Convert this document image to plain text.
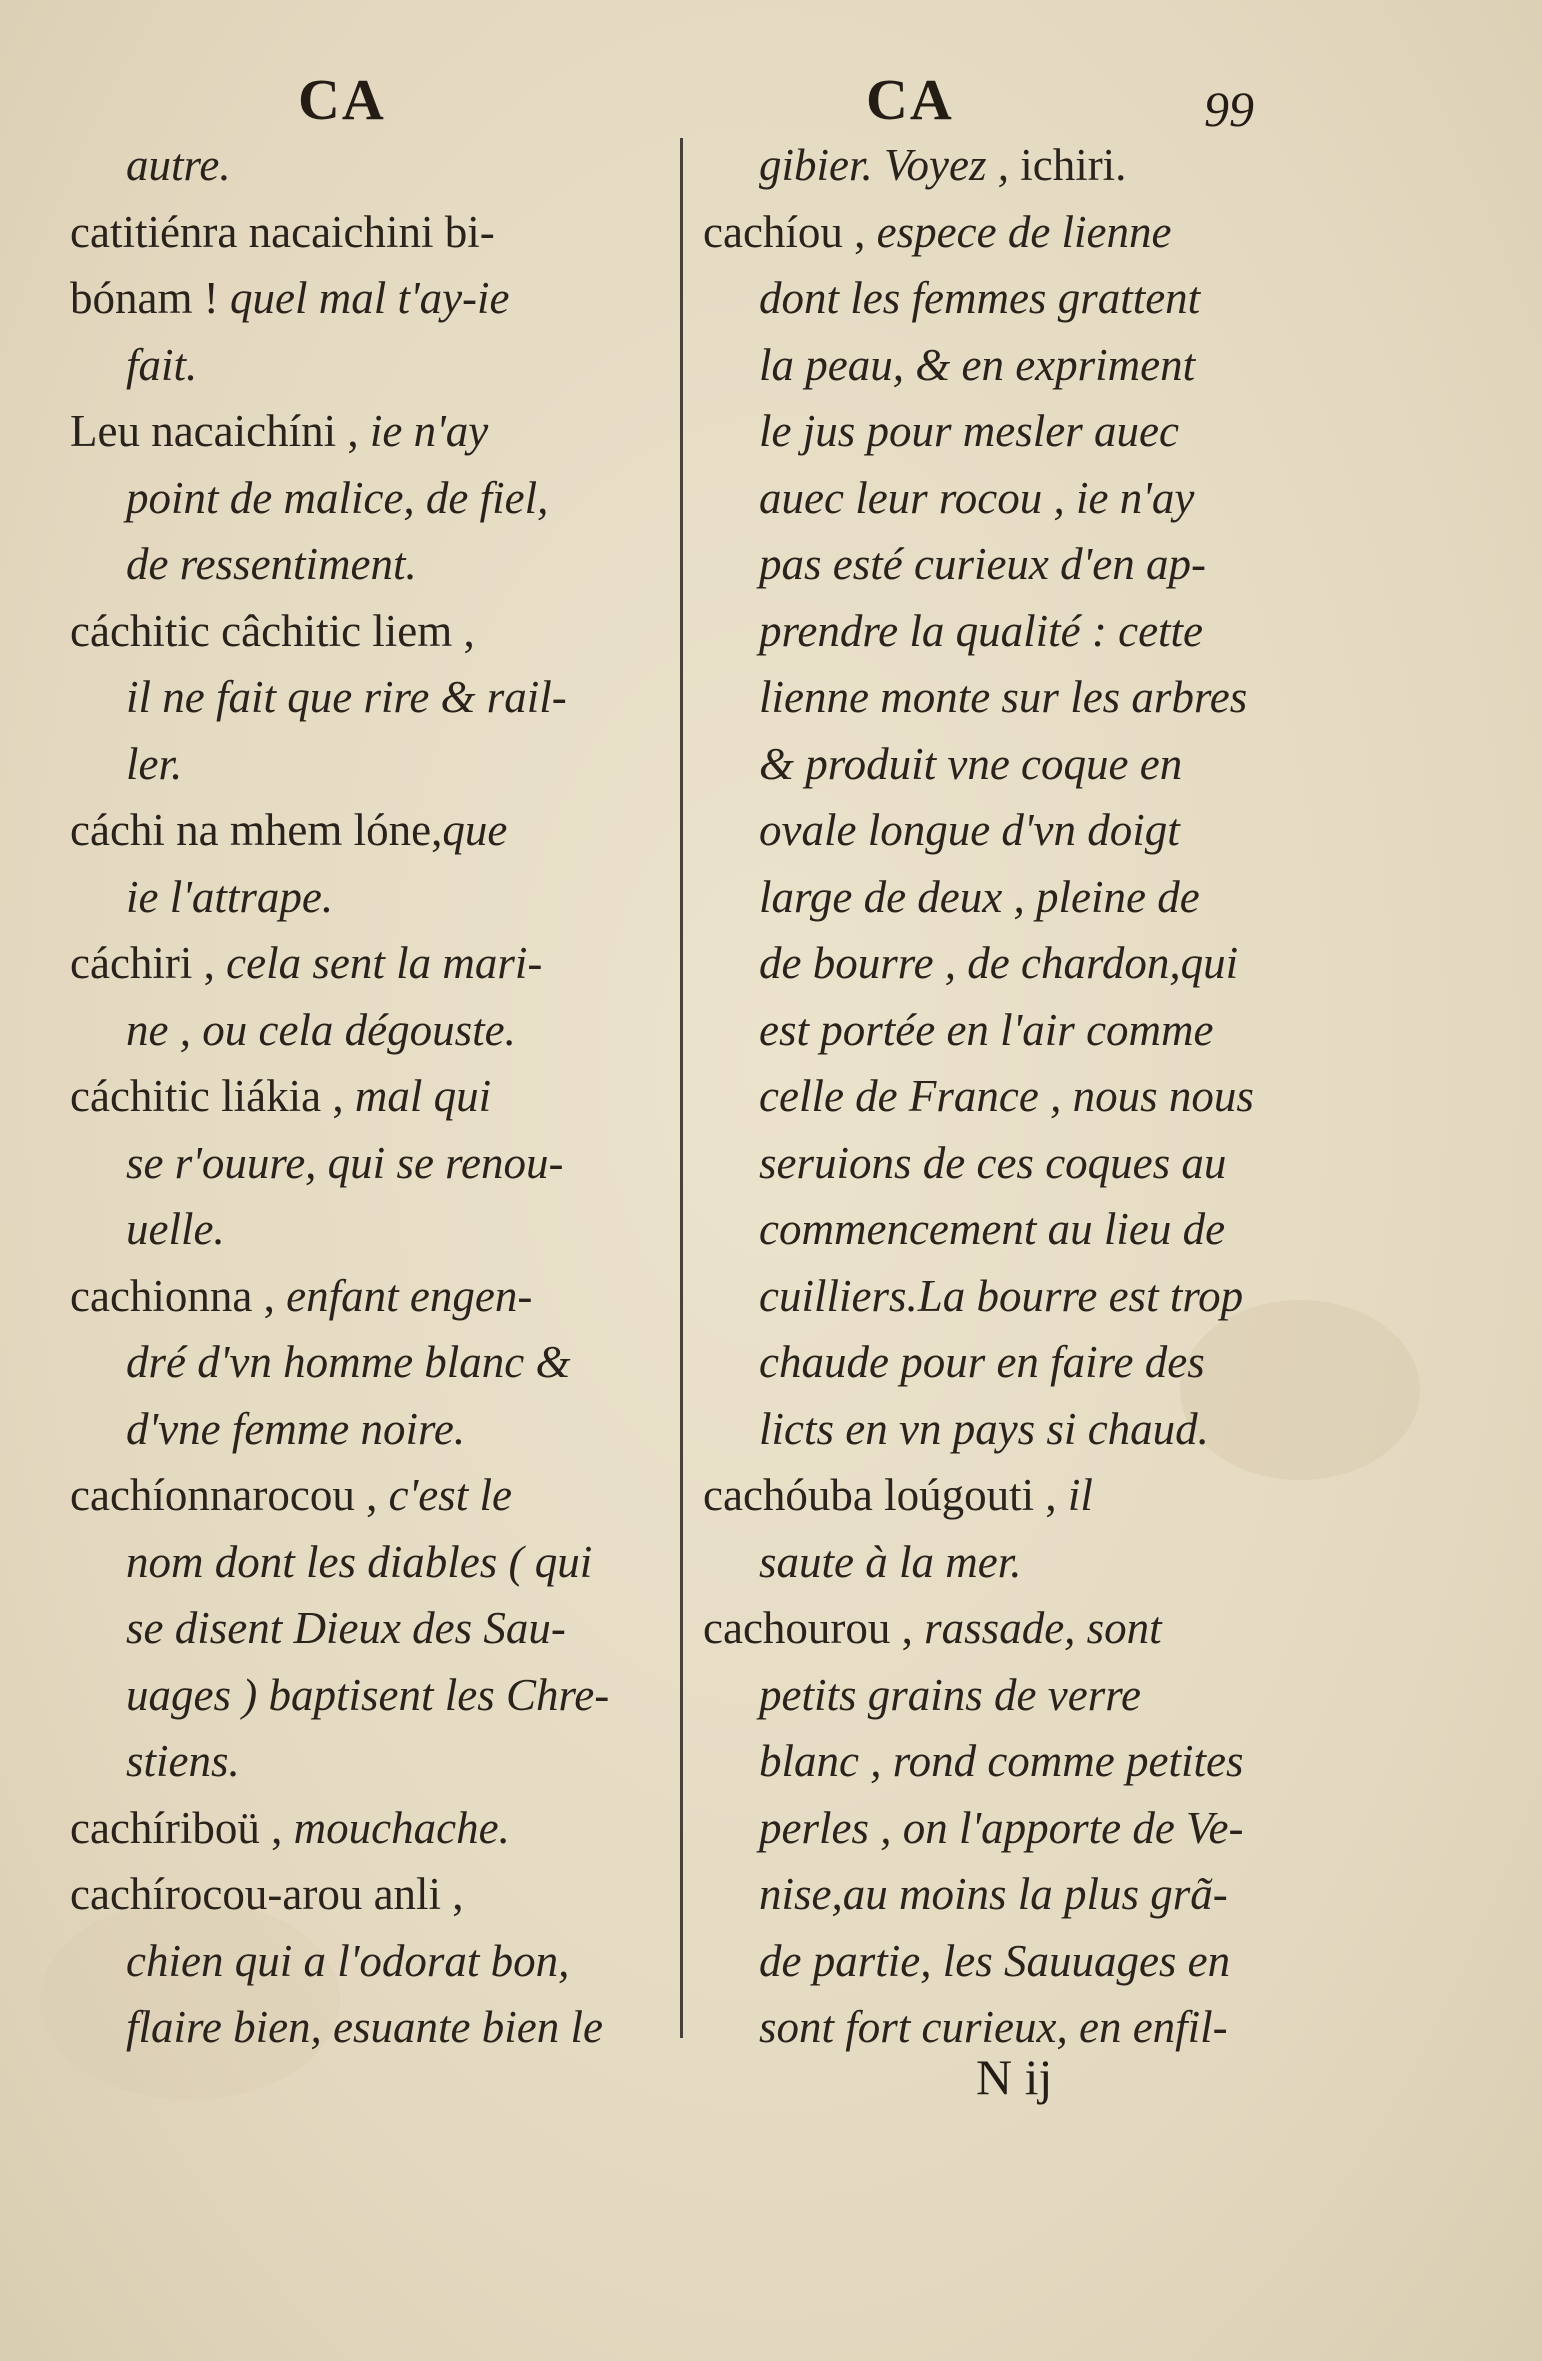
CA	CA	99
autre.
catitiénra nacaichini bi-
bónam ! quel mal t'ay-ie
fait.
Leu nacaichíni , ie n'ay
point de malice, de fiel,
de ressentiment.
cáchitic câchitic liem ,
il ne fait que rire & rail-
ler.
cáchi na mhem lóne,que
ie l'attrape.
cáchiri , cela sent la mari-
ne , ou cela dégouste.
cáchitic liákia , mal qui
se r'ouure, qui se renou-
uelle.
cachionna , enfant engen-
dré d'vn homme blanc &
d'vne femme noire.
cachíonnarocou , c'est le
nom dont les diables ( qui
se disent Dieux des Sau-
uages ) baptisent les Chre-
stiens.
cachíriboü , mouchache.
cachírocou-arou anli ,
chien qui a l'odorat bon,
flaire bien, esuante bien le
gibier. Voyez , ichiri.
cachíou , espece de lienne
dont les femmes grattent
la peau, & en expriment
le jus pour mesler auec
auec leur rocou , ie n'ay
pas esté curieux d'en ap-
prendre la qualité : cette
lienne monte sur les arbres
& produit vne coque en
ovale longue d'vn doigt
large de deux , pleine de
de bourre , de chardon,qui
est portée en l'air comme
celle de France , nous nous
seruions de ces coques au
commencement au lieu de
cuilliers.La bourre est trop
chaude pour en faire des
licts en vn pays si chaud.
cachóuba loúgouti , il
saute à la mer.
cachourou , rassade, sont
petits grains de verre
blanc , rond comme petites
perles , on l'apporte de Ve-
nise,au moins la plus grã-
de partie, les Sauuages en
sont fort curieux, en enfil-
N ij
